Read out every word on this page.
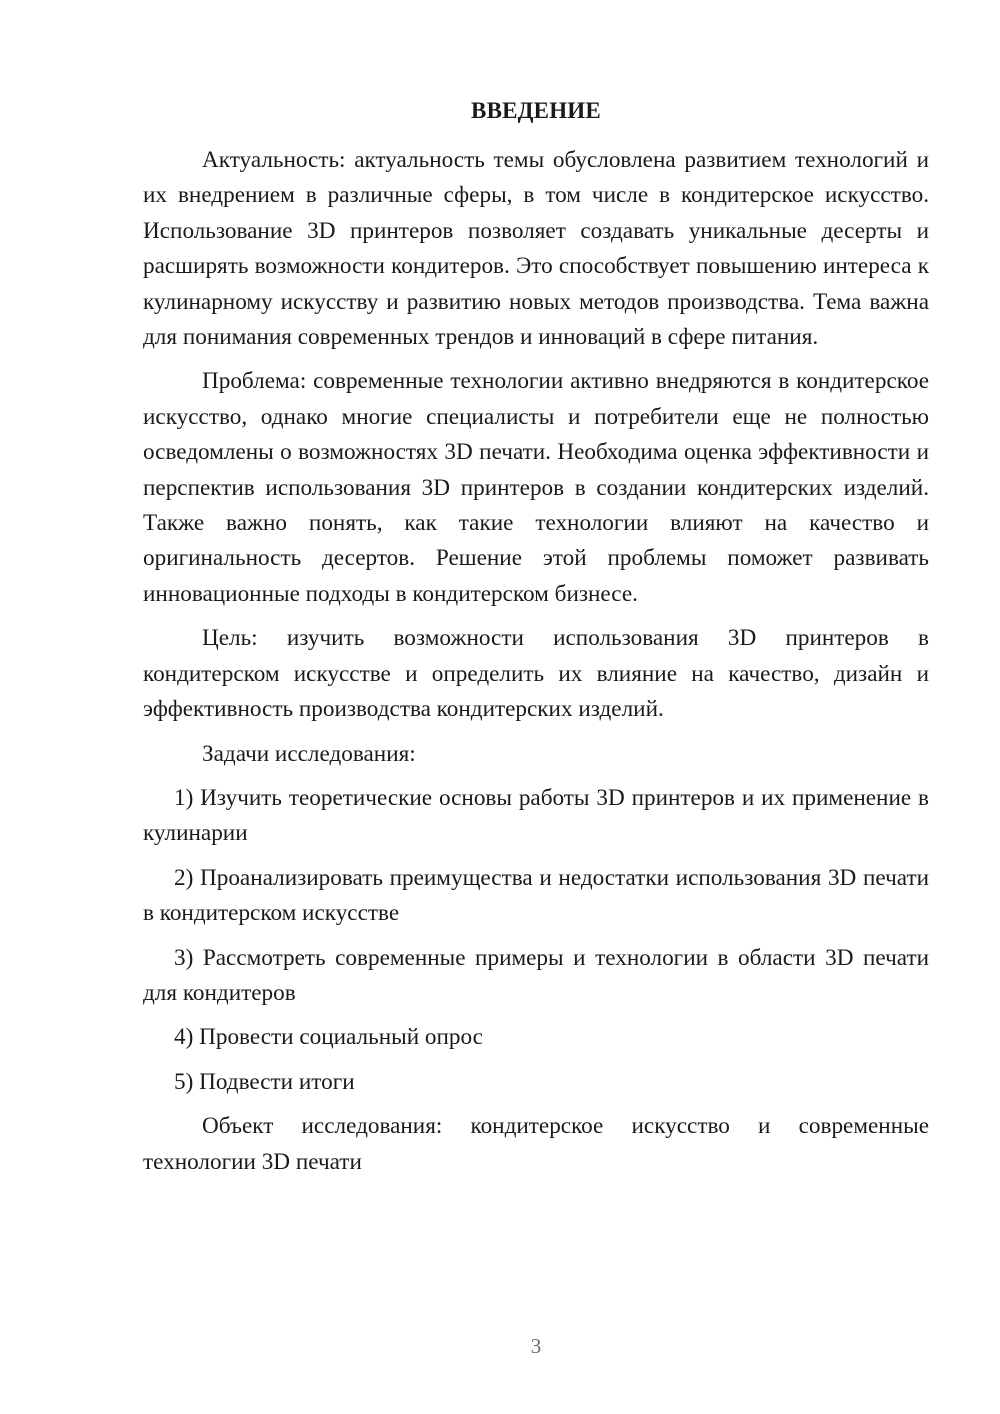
ВВЕДЕНИЕ

Актуальность: актуальность темы обусловлена развитием технологий и их внедрением в различные сферы, в том числе в кондитерское искусство. Использование 3D принтеров позволяет создавать уникальные десерты и расширять возможности кондитеров. Это способствует повышению интереса к кулинарному искусству и развитию новых методов производства. Тема важна для понимания современных трендов и инноваций в сфере питания.

Проблема: современные технологии активно внедряются в кондитерское искусство, однако многие специалисты и потребители еще не полностью осведомлены о возможностях 3D печати. Необходима оценка эффективности и перспектив использования 3D принтеров в создании кондитерских изделий. Также важно понять, как такие технологии влияют на качество и оригинальность десертов. Решение этой проблемы поможет развивать инновационные подходы в кондитерском бизнесе.

Цель: изучить возможности использования 3D принтеров в кондитерском искусстве и определить их влияние на качество, дизайн и эффективность производства кондитерских изделий.

Задачи исследования:

1) Изучить теоретические основы работы 3D принтеров и их применение в кулинарии

2) Проанализировать преимущества и недостатки использования 3D печати в кондитерском искусстве

3) Рассмотреть современные примеры и технологии в области 3D печати для кондитеров

4) Провести социальный опрос

5) Подвести итоги

Объект исследования: кондитерское искусство и современные технологии 3D печати

3
